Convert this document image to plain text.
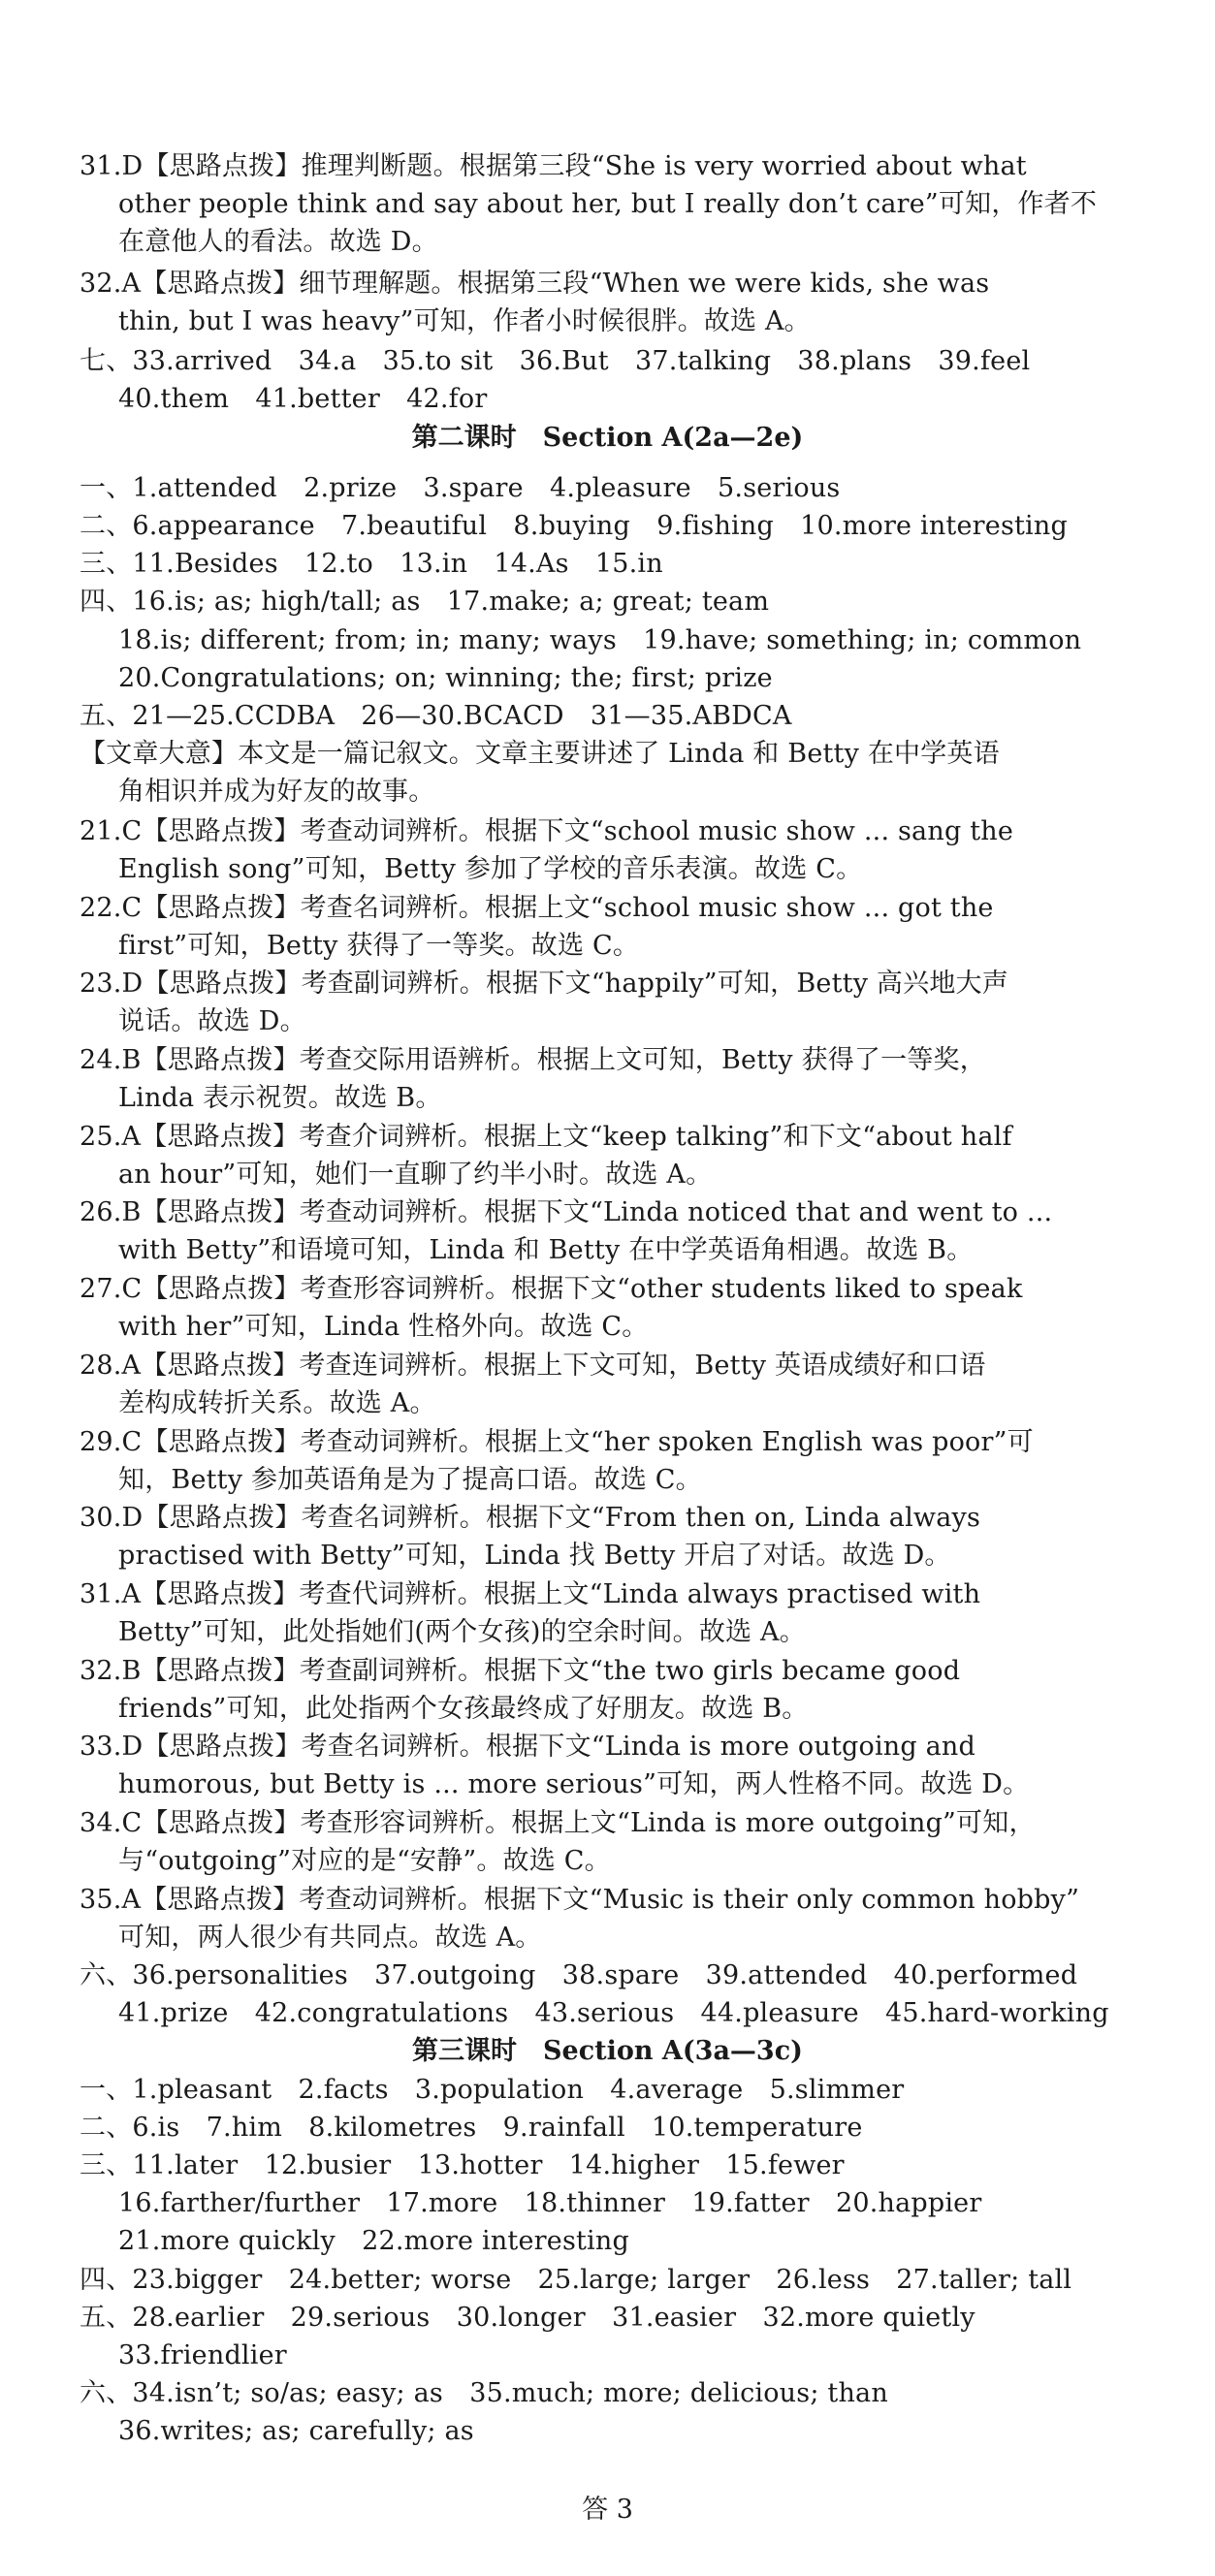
第二课时　Section A(2a—2e)
第三课时　Section A(3a—3c)
31.D【思路点拨】推理判断题。根据第三段“She is very worried about what
other people think and say about her, but I really don’t care”可知，作者不
在意他人的看法。故选 D。
32.A【思路点拨】细节理解题。根据第三段“When we were kids, she was
thin, but I was heavy”可知，作者小时候很胖。故选 A。
七、33.arrived　34.a　35.to sit　36.But　37.talking　38.plans　39.feel
40.them　41.better　42.for
一、1.attended　2.prize　3.spare　4.pleasure　5.serious
二、6.appearance　7.beautiful　8.buying　9.fishing　10.more interesting
三、11.Besides　12.to　13.in　14.As　15.in
四、16.is; as; high/tall; as　17.make; a; great; team
18.is; different; from; in; many; ways　19.have; something; in; common
20.Congratulations; on; winning; the; first; prize
五、21—25.CCDBA　26—30.BCACD　31—35.ABDCA
【文章大意】本文是一篇记叙文。文章主要讲述了 Linda 和 Betty 在中学英语
角相识并成为好友的故事。
21.C【思路点拨】考查动词辨析。根据下文“school music show ... sang the
English song”可知，Betty 参加了学校的音乐表演。故选 C。
22.C【思路点拨】考查名词辨析。根据上文“school music show ... got the
first”可知，Betty 获得了一等奖。故选 C。
23.D【思路点拨】考查副词辨析。根据下文“happily”可知，Betty 高兴地大声
说话。故选 D。
24.B【思路点拨】考查交际用语辨析。根据上文可知，Betty 获得了一等奖，
Linda 表示祝贺。故选 B。
25.A【思路点拨】考查介词辨析。根据上文“keep talking”和下文“about half
an hour”可知，她们一直聊了约半小时。故选 A。
26.B【思路点拨】考查动词辨析。根据下文“Linda noticed that and went to ...
with Betty”和语境可知，Linda 和 Betty 在中学英语角相遇。故选 B。
27.C【思路点拨】考查形容词辨析。根据下文“other students liked to speak
with her”可知，Linda 性格外向。故选 C。
28.A【思路点拨】考查连词辨析。根据上下文可知，Betty 英语成绩好和口语
差构成转折关系。故选 A。
29.C【思路点拨】考查动词辨析。根据上文“her spoken English was poor”可
知，Betty 参加英语角是为了提高口语。故选 C。
30.D【思路点拨】考查名词辨析。根据下文“From then on, Linda always
practised with Betty”可知，Linda 找 Betty 开启了对话。故选 D。
31.A【思路点拨】考查代词辨析。根据上文“Linda always practised with
Betty”可知，此处指她们(两个女孩)的空余时间。故选 A。
32.B【思路点拨】考查副词辨析。根据下文“the two girls became good
friends”可知，此处指两个女孩最终成了好朋友。故选 B。
33.D【思路点拨】考查名词辨析。根据下文“Linda is more outgoing and
humorous, but Betty is ... more serious”可知，两人性格不同。故选 D。
34.C【思路点拨】考查形容词辨析。根据上文“Linda is more outgoing”可知，
与“outgoing”对应的是“安静”。故选 C。
35.A【思路点拨】考查动词辨析。根据下文“Music is their only common hobby”
可知，两人很少有共同点。故选 A。
六、36.personalities　37.outgoing　38.spare　39.attended　40.performed
41.prize　42.congratulations　43.serious　44.pleasure　45.hard-working
一、1.pleasant　2.facts　3.population　4.average　5.slimmer
二、6.is　7.him　8.kilometres　9.rainfall　10.temperature
三、11.later　12.busier　13.hotter　14.higher　15.fewer
16.farther/further　17.more　18.thinner　19.fatter　20.happier
21.more quickly　22.more interesting
四、23.bigger　24.better; worse　25.large; larger　26.less　27.taller; tall
五、28.earlier　29.serious　30.longer　31.easier　32.more quietly
33.friendlier
六、34.isn’t; so/as; easy; as　35.much; more; delicious; than
36.writes; as; carefully; as
答 3
